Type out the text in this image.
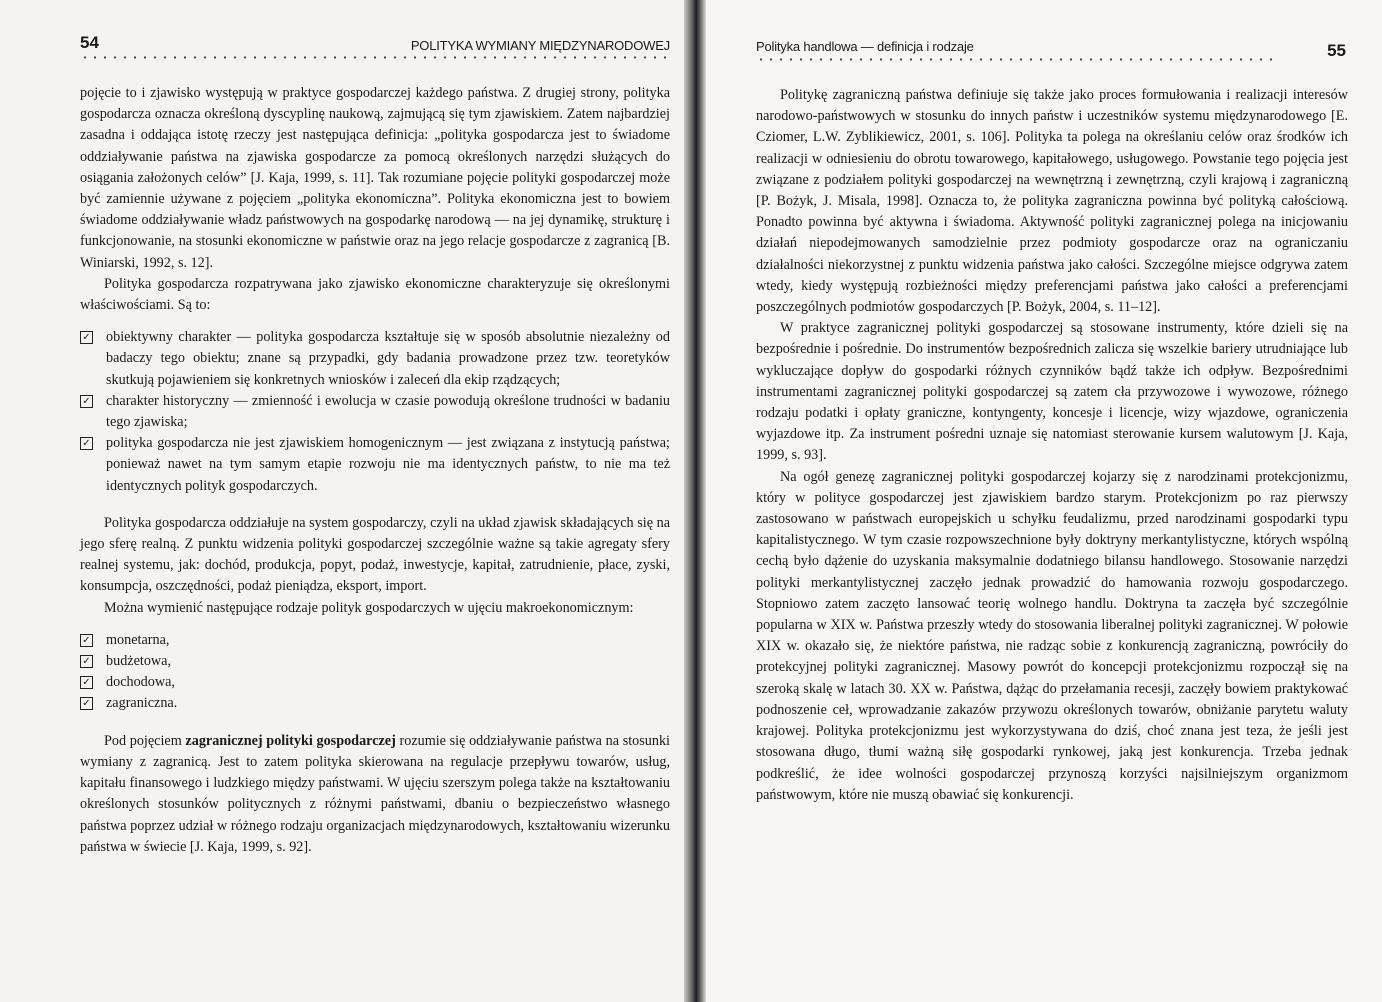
54	POLITYKA WYMIANY MIĘDZYNARODOWEJ

pojęcie to i zjawisko występują w praktyce gospodarczej każdego państwa. Z drugiej strony, polityka gospodarcza oznacza określoną dyscyplinę naukową, zajmującą się tym zjawiskiem. Zatem najbardziej zasadna i oddająca istotę rzeczy jest następująca definicja: „polityka gospodarcza jest to świadome oddziaływanie państwa na zjawiska gospodarcze za pomocą określonych narzędzi służących do osiągania założonych celów” [J. Kaja, 1999, s. 11]. Tak rozumiane pojęcie polityki gospodarczej może być zamiennie używane z pojęciem „polityka ekonomiczna”. Polityka ekonomiczna jest to bowiem świadome oddziaływanie władz państwowych na gospodarkę narodową — na jej dynamikę, strukturę i funkcjonowanie, na stosunki ekonomiczne w państwie oraz na jego relacje gospodarcze z zagranicą [B. Winiarski, 1992, s. 12].

Polityka gospodarcza rozpatrywana jako zjawisko ekonomiczne charakteryzuje się określonymi właściwościami. Są to:

✓ obiektywny charakter — polityka gospodarcza kształtuje się w sposób absolutnie niezależny od badaczy tego obiektu; znane są przypadki, gdy badania prowadzone przez tzw. teoretyków skutkują pojawieniem się konkretnych wniosków i zaleceń dla ekip rządzących;
✓ charakter historyczny — zmienność i ewolucja w czasie powodują określone trudności w badaniu tego zjawiska;
✓ polityka gospodarcza nie jest zjawiskiem homogenicznym — jest związana z instytucją państwa; ponieważ nawet na tym samym etapie rozwoju nie ma identycznych państw, to nie ma też identycznych polityk gospodarczych.

Polityka gospodarcza oddziałuje na system gospodarczy, czyli na układ zjawisk składających się na jego sferę realną. Z punktu widzenia polityki gospodarczej szczególnie ważne są takie agregaty sfery realnej systemu, jak: dochód, produkcja, popyt, podaż, inwestycje, kapitał, zatrudnienie, płace, zyski, konsumpcja, oszczędności, podaż pieniądza, eksport, import.

Można wymienić następujące rodzaje polityk gospodarczych w ujęciu makroekonomicznym:

✓ monetarna,
✓ budżetowa,
✓ dochodowa,
✓ zagraniczna.

Pod pojęciem zagranicznej polityki gospodarczej rozumie się oddziaływanie państwa na stosunki wymiany z zagranicą. Jest to zatem polityka skierowana na regulacje przepływu towarów, usług, kapitału finansowego i ludzkiego między państwami. W ujęciu szerszym polega także na kształtowaniu określonych stosunków politycznych z różnymi państwami, dbaniu o bezpieczeństwo własnego państwa poprzez udział w różnego rodzaju organizacjach międzynarodowych, kształtowaniu wizerunku państwa w świecie [J. Kaja, 1999, s. 92].

Polityka handlowa — definicja i rodzaje	55

Politykę zagraniczną państwa definiuje się także jako proces formułowania i realizacji interesów narodowo-państwowych w stosunku do innych państw i uczestników systemu międzynarodowego [E. Cziomer, L.W. Zyblikiewicz, 2001, s. 106]. Polityka ta polega na określaniu celów oraz środków ich realizacji w odniesieniu do obrotu towarowego, kapitałowego, usługowego. Powstanie tego pojęcia jest związane z podziałem polityki gospodarczej na wewnętrzną i zewnętrzną, czyli krajową i zagraniczną [P. Bożyk, J. Misala, 1998]. Oznacza to, że polityka zagraniczna powinna być polityką całościową. Ponadto powinna być aktywna i świadoma. Aktywność polityki zagranicznej polega na inicjowaniu działań niepodejmowanych samodzielnie przez podmioty gospodarcze oraz na ograniczaniu działalności niekorzystnej z punktu widzenia państwa jako całości. Szczególne miejsce odgrywa zatem wtedy, kiedy występują rozbieżności między preferencjami państwa jako całości a preferencjami poszczególnych podmiotów gospodarczych [P. Bożyk, 2004, s. 11–12].

W praktyce zagranicznej polityki gospodarczej są stosowane instrumenty, które dzieli się na bezpośrednie i pośrednie. Do instrumentów bezpośrednich zalicza się wszelkie bariery utrudniające lub wykluczające dopływ do gospodarki różnych czynników bądź także ich odpływ. Bezpośrednimi instrumentami zagranicznej polityki gospodarczej są zatem cła przywozowe i wywozowe, różnego rodzaju podatki i opłaty graniczne, kontyngenty, koncesje i licencje, wizy wjazdowe, ograniczenia wyjazdowe itp. Za instrument pośredni uznaje się natomiast sterowanie kursem walutowym [J. Kaja, 1999, s. 93].

Na ogół genezę zagranicznej polityki gospodarczej kojarzy się z narodzinami protekcjonizmu, który w polityce gospodarczej jest zjawiskiem bardzo starym. Protekcjonizm po raz pierwszy zastosowano w państwach europejskich u schyłku feudalizmu, przed narodzinami gospodarki typu kapitalistycznego. W tym czasie rozpowszechnione były doktryny merkantylistyczne, których wspólną cechą było dążenie do uzyskania maksymalnie dodatniego bilansu handlowego. Stosowanie narzędzi polityki merkantylistycznej zaczęło jednak prowadzić do hamowania rozwoju gospodarczego. Stopniowo zatem zaczęto lansować teorię wolnego handlu. Doktryna ta zaczęła być szczególnie popularna w XIX w. Państwa przeszły wtedy do stosowania liberalnej polityki zagranicznej. W połowie XIX w. okazało się, że niektóre państwa, nie radząc sobie z konkurencją zagraniczną, powróciły do protekcyjnej polityki zagranicznej. Masowy powrót do koncepcji protekcjonizmu rozpoczął się na szeroką skalę w latach 30. XX w. Państwa, dążąc do przełamania recesji, zaczęły bowiem praktykować podnoszenie ceł, wprowadzanie zakazów przywozu określonych towarów, obniżanie parytetu waluty krajowej. Polityka protekcjonizmu jest wykorzystywana do dziś, choć znana jest teza, że jeśli jest stosowana długo, tłumi ważną siłę gospodarki rynkowej, jaką jest konkurencja. Trzeba jednak podkreślić, że idee wolności gospodarczej przynoszą korzyści najsilniejszym organizmom państwowym, które nie muszą obawiać się konkurencji.
